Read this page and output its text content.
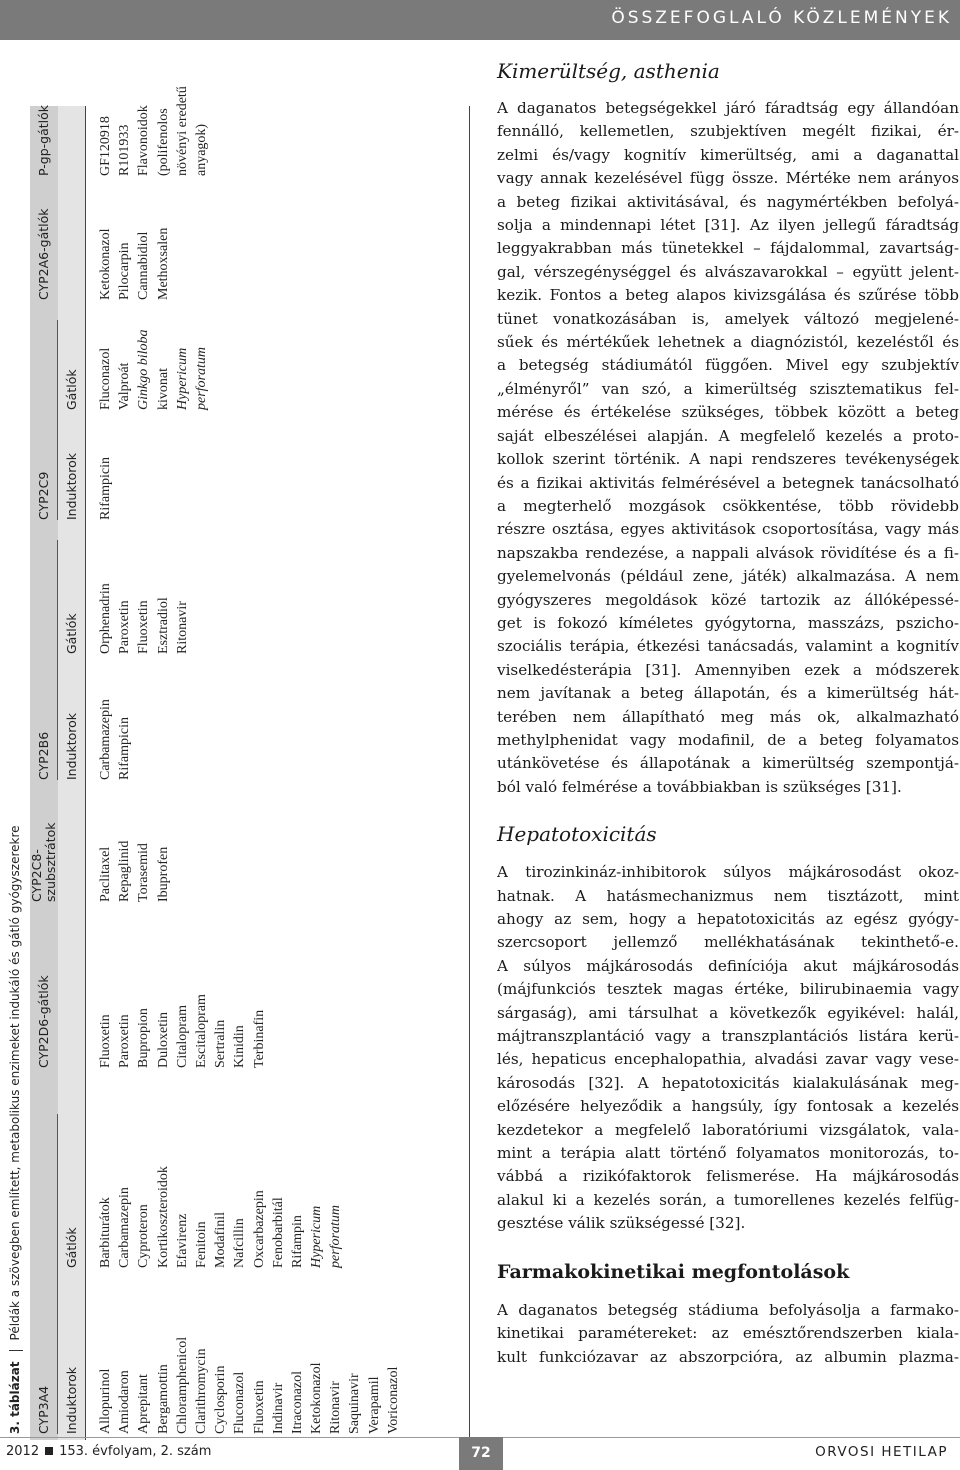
ÖSSZEFOGLALÓ KÖZLEMÉNYEK
3. táblázatPéldák a szövegben említett, metabolikus enzimeket indukáló és gátló gyógyszerekre
CYP3A4
CYP2D6-gátlók
CYP2C8- szubsztrátok
CYP2B6
CYP2C9
CYP2A6-gátlók
P-gp-gátlók
Induktorok
Gátlók
Induktorok
Gátlók
Induktorok
Gátlók
Allopurinol Amiodaron Aprepitant Bergamottin Chloramphenicol Clarithromycin Cyclosporin Fluconazol Fluoxetin Indinavir Itraconazol Ketokonazol Ritonavir Saquinavir Verapamil Voriconazol
Barbiturátok Carbamazepin Cyproteron Kortikoszteroidok Efavirenz Fenitoin Modafinil Nafcillin Oxcarbazepin Fenobarbitál Rifampin Hypericum perforatum
Fluoxetin Paroxetin Bupropion Duloxetin Citalopram Escitalopram Sertralin Kinidin Terbinafin
Paclitaxel Repaglinid Torasemid Ibuprofen
Carbamazepin Rifampicin
Orphenadrin Paroxetin Fluoxetin Esztradiol Ritonavir
Rifampicin
Fluconazol Valproát Ginkgo biloba kivonat Hypericum perforatum
Ketokonazol Pilocarpin Cannabidiol Methoxsalen
GF120918 R101933 Flavonoidok (polifenolos növényi eredetű anyagok)
Kimerültség, asthenia
A daganatos betegségekkel járó fáradtság egy állandóan
fennálló, kellemetlen, szubjektíven megélt fizikai, ér-
zelmi és/vagy kognitív kimerültség, ami a daganattal
vagy annak kezelésével függ össze. Mértéke nem arányos
a beteg fizikai aktivitásával, és nagymértékben befolyá-
solja a mindennapi létet [31]. Az ilyen jellegű fáradtság
leggyakrabban más tünetekkel – fájdalommal, zavartság-
gal, vérszegénységgel és alvászavarokkal – együtt jelent-
kezik. Fontos a beteg alapos kivizsgálása és szűrése több
tünet vonatkozásában is, amelyek változó megjelené-
sűek és mértékűek lehetnek a diagnózistól, kezeléstől és
a betegség stádiumától függően. Mivel egy szubjektív
„élményről” van szó, a kimerültség szisztematikus fel-
mérése és értékelése szükséges, többek között a beteg
saját elbeszélései alapján. A megfelelő kezelés a proto-
kollok szerint történik. A napi rendszeres tevékenységek
és a fizikai aktivitás felmérésével a betegnek tanácsolható
a megterhelő mozgások csökkentése, több rövidebb
részre osztása, egyes aktivitások csoportosítása, vagy más
napszakba rendezése, a nappali alvások rövidítése és a fi-
gyelemelvonás (például zene, játék) alkalmazása. A nem
gyógyszeres megoldások közé tartozik az állóképessé-
get is fokozó kíméletes gyógytorna, masszázs, pszicho-
szociális terápia, étkezési tanácsadás, valamint a kognitív
viselkedésterápia [31]. Amennyiben ezek a módszerek
nem javítanak a beteg állapotán, és a kimerültség hát-
terében nem állapítható meg más ok, alkalmazható
methylphenidat vagy modafinil, de a beteg folyamatos
utánkövetése és állapotának a kimerültség szempontjá-
ból való felmérése a továbbiakban is szükséges [31].
Hepatotoxicitás
A tirozinkináz-inhibitorok súlyos májkárosodást okoz-
hatnak. A hatásmechanizmus nem tisztázott, mint
ahogy az sem, hogy a hepatotoxicitás az egész gyógy-
szercsoport jellemző mellékhatásának tekinthető-e.
A súlyos májkárosodás definíciója akut májkárosodás
(májfunkciós tesztek magas értéke, bilirubinaemia vagy
sárgaság), ami társulhat a következők egyikével: halál,
májtranszplantáció vagy a transzplantációs listára kerü-
lés, hepaticus encephalopathia, alvadási zavar vagy vese-
károsodás [32]. A hepatotoxicitás kialakulásának meg-
előzésére helyeződik a hangsúly, így fontosak a kezelés
kezdetekor a megfelelő laboratóriumi vizsgálatok, vala-
mint a terápia alatt történő folyamatos monitorozás, to-
vábbá a rizikófaktorok felismerése. Ha májkárosodás
alakul ki a kezelés során, a tumorellenes kezelés felfüg-
gesztése válik szükségessé [32].
Farmakokinetikai megfontolások
A daganatos betegség stádiuma befolyásolja a farmako-
kinetikai paramétereket: az emésztőrendszerben kiala-
kult funkciózavar az abszorpcióra, az albumin plazma-
2012 153. évfolyam, 2. szám	72	ORVOSI HETILAP
